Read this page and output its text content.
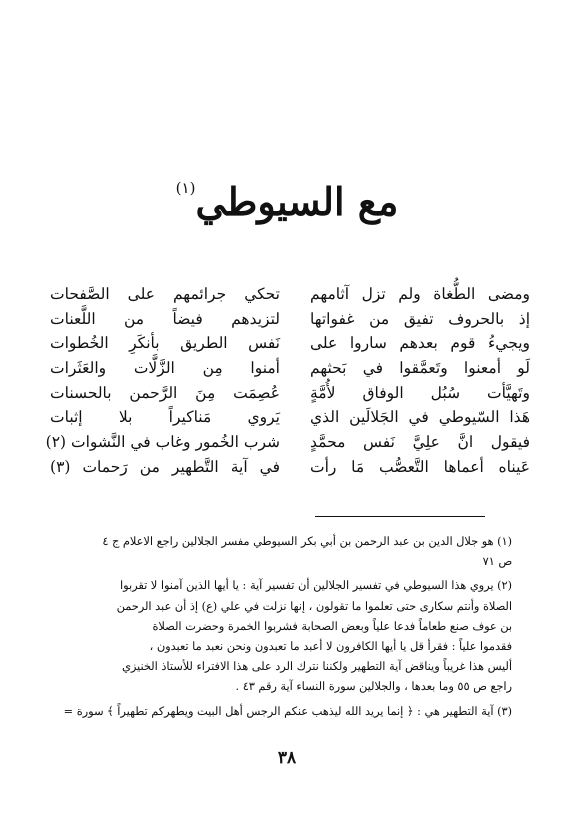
مع السيوطي$^{(١)}$
ومضى الطُّغاة ولم تزل آثامهم
تحكي جرائمهم على الصَّفحات
إذ بالحروف تفيق من غفواتها
لتزيدهم فيضاً من اللَّعنات
ويجيءُ قوم بعدهم ساروا على
نَفس الطريق بأنكَرِ الخُطوات
لَو أمعنوا وتَعمَّقوا في بَحثهم
أمنوا مِن الزَّلَّات والعَثَرات
وتَهيَّأت سُبُل الوفاق لأُمَّةٍ
عُصِمَت مِنَ الرَّحمن بالحسنات
هَذا السّيوطي في الجَلالَين الذي
يَروي مَناكيراً بلا إثبات
فيقول انَّ علِيَّ نَفس محمَّدٍ
شرب الخُمور وغاب في النَّشوات (٢)
عَيناه أعماها التَّعصُّب مَا رأت
في آية التَّطهير من رَحمات (٣)

(١) هو جلال الدين بن عبد الرحمن بن أبي بكر السيوطي مفسر الجلالين راجع الاعلام ج ٤
ص ٧١

(٢) يروي هذا السيوطي في تفسير الجلالين أن تفسير آية : يا أيها الذين آمنوا لا تقربوا
الصلاة وأنتم سكارى حتى تعلموا ما تقولون ، إنها نزلت في علي (ع) إذ أن عبد الرحمن
بن عوف صنع طعاماً فدعا علياً وبعض الصحابة فشربوا الخمرة وحضرت الصلاة
فقدموا علياً : فقرأ قل يا أيها الكافرون لا أعبد ما تعبدون ونحن نعبد ما تعبدون ،
أليس هذا غريباً ويناقض آية التطهير ولكننا نترك الرد على هذا الافتراء للأستاذ الخنيزي
راجع ص ٥٥ وما بعدها ، والجلالين سورة النساء آية رقم ٤٣ .

(٣) آية التطهير هي : ﴿ إنما يريد الله ليذهب عنكم الرجس أهل البيت ويطهركم تطهيراً ﴾ سورة =

٣٨
